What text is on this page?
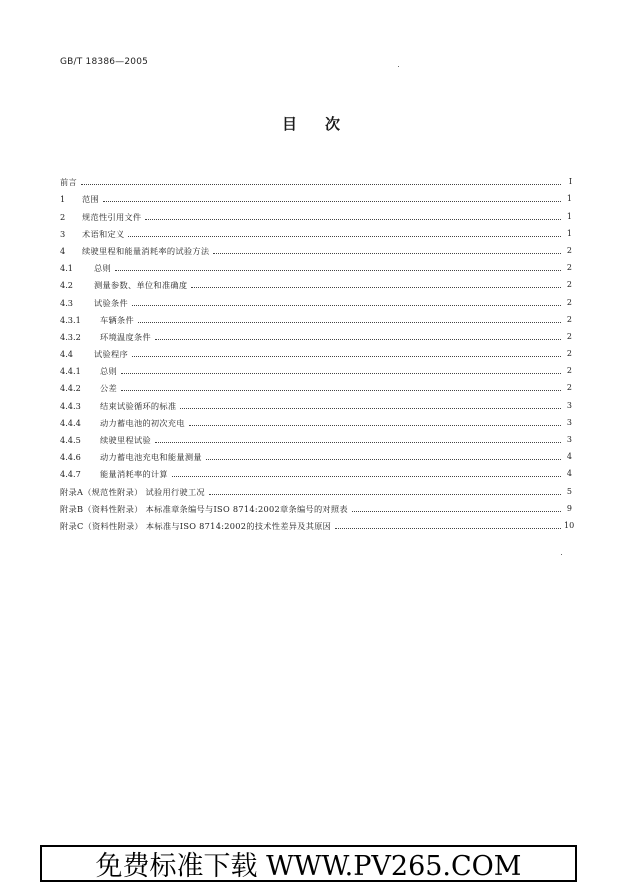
GB/T 18386—2005
目次
前言	I
1	范围	1
2	规范性引用文件	1
3	术语和定义	1
4	续驶里程和能量消耗率的试验方法	2
4.1	总则	2
4.2	测量参数、单位和准确度	2
4.3	试验条件	2
4.3.1	车辆条件	2
4.3.2	环境温度条件	2
4.4	试验程序	2
4.4.1	总则	2
4.4.2	公差	2
4.4.3	结束试验循环的标准	3
4.4.4	动力蓄电池的初次充电	3
4.4.5	续驶里程试验	3
4.4.6	动力蓄电池充电和能量测量	4
4.4.7	能量消耗率的计算	4
附录A（规范性附录） 试验用行驶工况	5
附录B（资料性附录） 本标准章条编号与ISO 8714:2002章条编号的对照表	9
附录C（资料性附录） 本标准与ISO 8714:2002的技术性差异及其原因	10
免费标准下载 WWW.PV265.COM
